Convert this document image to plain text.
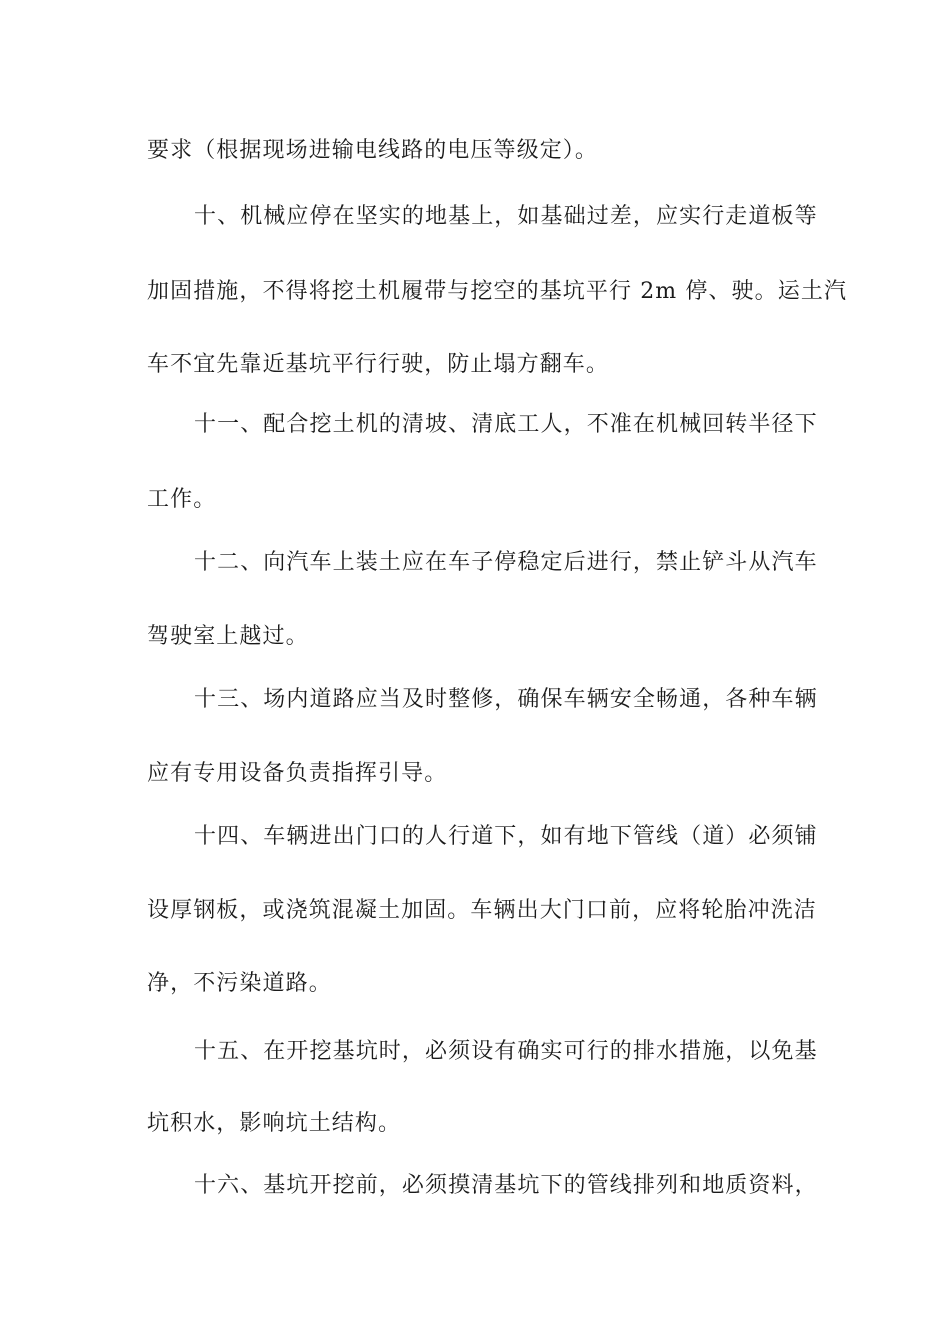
要求（根据现场进输电线路的电压等级定）。
十、机械应停在坚实的地基上，如基础过差，应实行走道板等
加固措施，不得将挖土机履带与挖空的基坑平行 2m 停、驶。运土汽
车不宜先靠近基坑平行行驶，防止塌方翻车。
十一、配合挖土机的清坡、清底工人，不准在机械回转半径下
工作。
十二、向汽车上装土应在车子停稳定后进行，禁止铲斗从汽车
驾驶室上越过。
十三、场内道路应当及时整修，确保车辆安全畅通，各种车辆
应有专用设备负责指挥引导。
十四、车辆进出门口的人行道下，如有地下管线（道）必须铺
设厚钢板，或浇筑混凝土加固。车辆出大门口前，应将轮胎冲洗洁
净，不污染道路。
十五、在开挖基坑时，必须设有确实可行的排水措施，以免基
坑积水，影响坑土结构。
十六、基坑开挖前，必须摸清基坑下的管线排列和地质资料，
